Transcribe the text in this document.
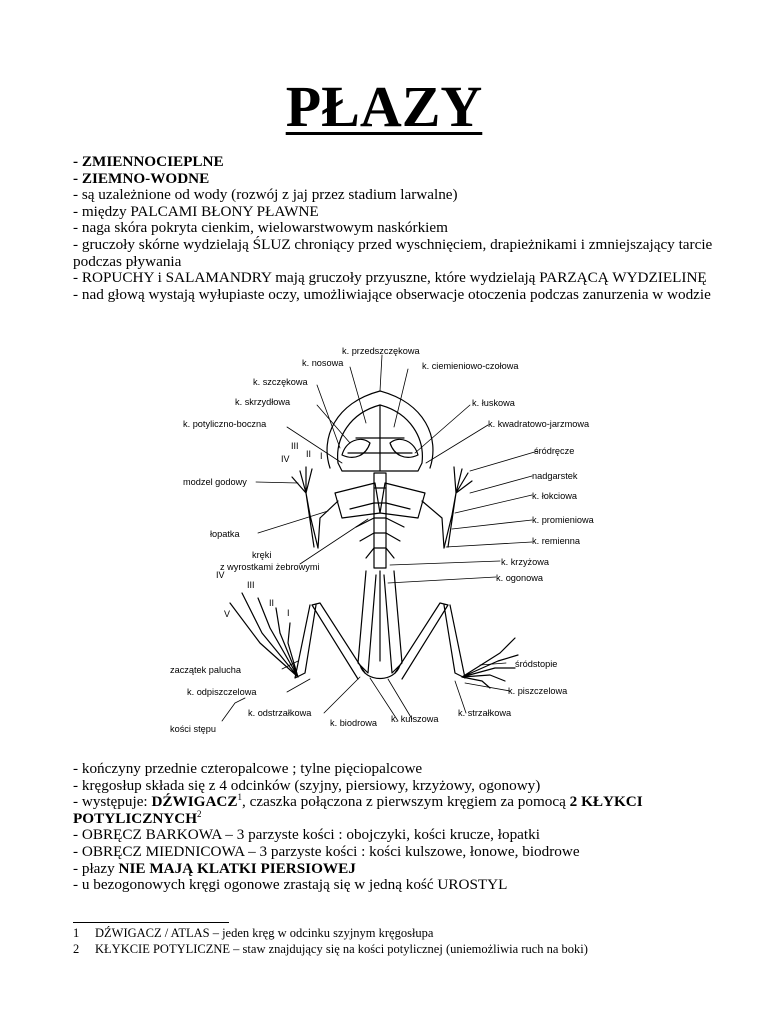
PŁAZY
- ZMIENNOCIEPLNE
- ZIEMNO-WODNE
- są uzależnione od wody (rozwój z jaj przez stadium larwalne)
- między PALCAMI BŁONY PŁAWNE
- naga skóra pokryta cienkim, wielowarstwowym naskórkiem
- gruczoły skórne wydzielają ŚLUZ chroniący przed wyschnięciem, drapieżnikami i zmniejszający tarcie podczas pływania
- ROPUCHY i SALAMANDRY mają gruczoły przyuszne, które wydzielają PARZĄCĄ WYDZIELINĘ
- nad głową wystają wyłupiaste oczy, umożliwiające obserwacje otoczenia podczas zanurzenia w wodzie
k. przedszczękowa
k. nosowa	k. ciemieniowo-czołowa
k. szczękowa
k. skrzydłowa	k. łuskowa
k. potyliczno-boczna	k. kwadratowo-jarzmowa
III
IV II I	śródręcze
nadgarstek
modzel godowy
k. łokciowa
k. promieniowa
łopatka
k. remienna
kręki
z wyrostkami żebrowymi	k. krzyżowa
IV	k. ogonowa
III
II
V	I
śródstopie
zaczątek palucha
k. odpiszczelowa	k. piszczelowa
k. odstrzałkowa	k. strzałkowa
k. kulszowa
k. biodrowa
kości stępu
- kończyny przednie czteropalcowe ; tylne pięciopalcowe
- kręgosłup składa się z 4 odcinków (szyjny, piersiowy, krzyżowy, ogonowy)
- występuje: DŹWIGACZ$^1$, czaszka połączona z pierwszym kręgiem za pomocą 2 KŁYKCI POTYLICZNYCH$^2$
- OBRĘCZ BARKOWA – 3 parzyste kości : obojczyki, kości krucze, łopatki
- OBRĘCZ MIEDNICOWA – 3 parzyste kości : kości kulszowe, łonowe, biodrowe
- płazy NIE MAJĄ KLATKI PIERSIOWEJ
- u bezogonowych kręgi ogonowe zrastają się w jedną kość UROSTYL
1 DŹWIGACZ / ATLAS – jeden kręg w odcinku szyjnym kręgosłupa
2 KŁYKCIE POTYLICZNE – staw znajdujący się na kości potylicznej (uniemożliwia ruch na boki)
